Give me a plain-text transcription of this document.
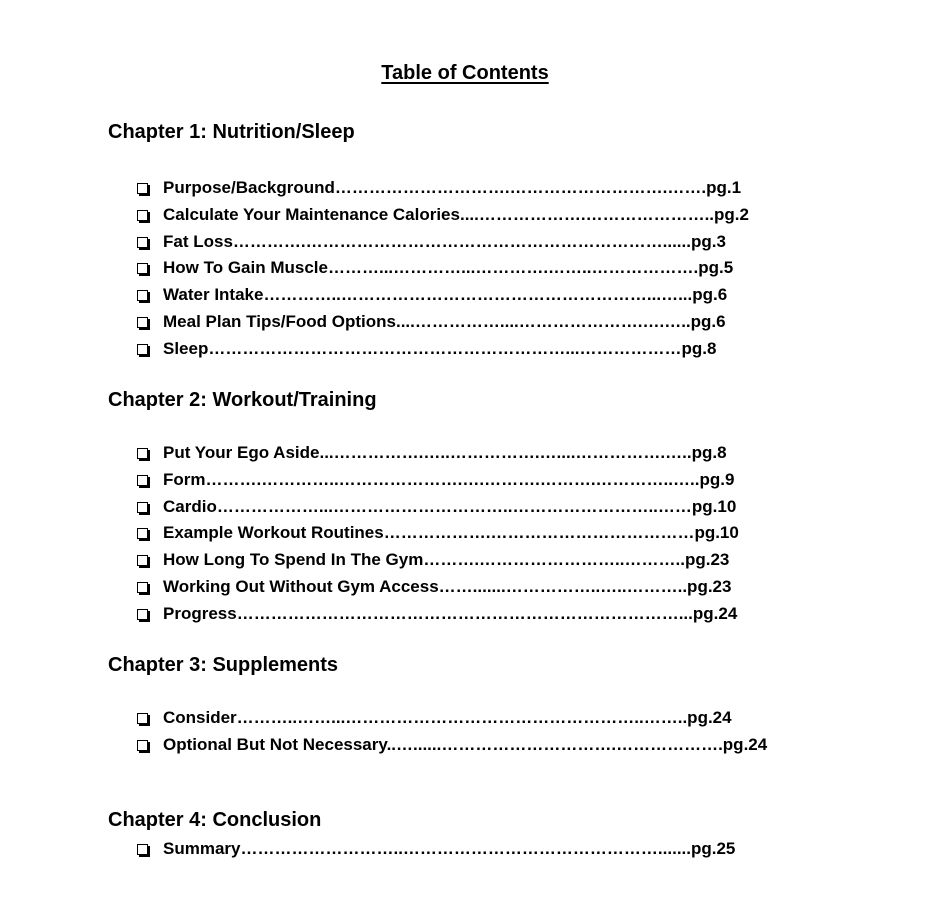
Table of Contents
Chapter 1: Nutrition/Sleep
Purpose/Background………………………….……………………….…….pg.1
Calculate Your Maintenance Calories....……………….…………………..pg.2
Fat Loss………….………………………………………………………......pg.3
How To Gain Muscle………...…………...………….……..……………….pg.5
Water Intake…………..………………………………………………...…...pg.6
Meal Plan Tips/Food Options....……………....………………….….…..pg.6
Sleep………………………………………………………...………………pg.8
Chapter 2: Workout/Training
Put Your Ego Aside...…………….…..…………….…....…………….…..pg.8
Form……….…………..………………….….……….……….…………..…..pg.9
Cardio………………...…………………………..……………………..……pg.10
Example Workout Routines……………….………………………………pg.10
How Long To Spend In The Gym……….……………………..………..pg.23
Working Out Without Gym Access…….......……………..…..………..pg.23
Progress……………………………………………………………………...pg.24
Chapter 3: Supplements
Consider………..……...……………………………………………..……..pg.24
Optional But Not Necessary..…......………………………….……………….pg.24
Chapter 4: Conclusion
Summary………………………..……………………………………….......pg.25
